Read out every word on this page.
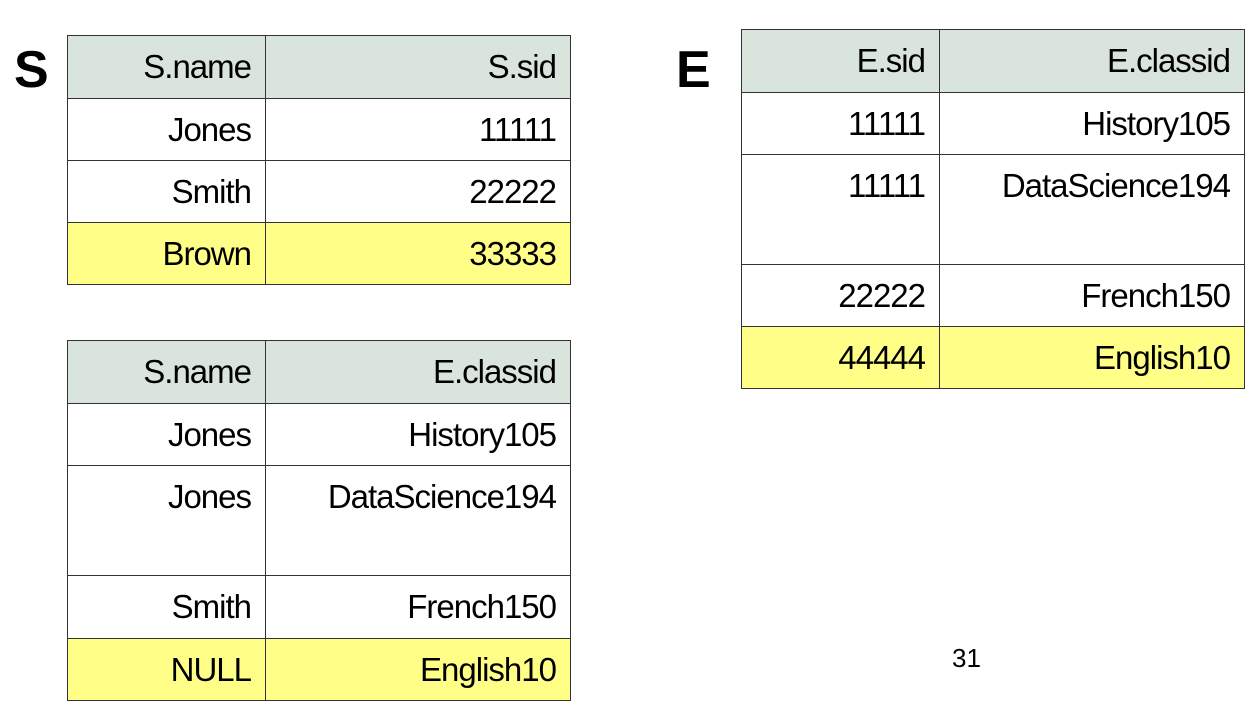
S	S.name	S.sid
Jones	11111
Smith	22222
Brown	33333
S.name	E.classid
Jones	History105
Jones	DataScience194
Smith	French150
NULL	English10
E	E.sid	E.classid
11111	History105
11111	DataScience194
22222	French150
44444	English10
31
